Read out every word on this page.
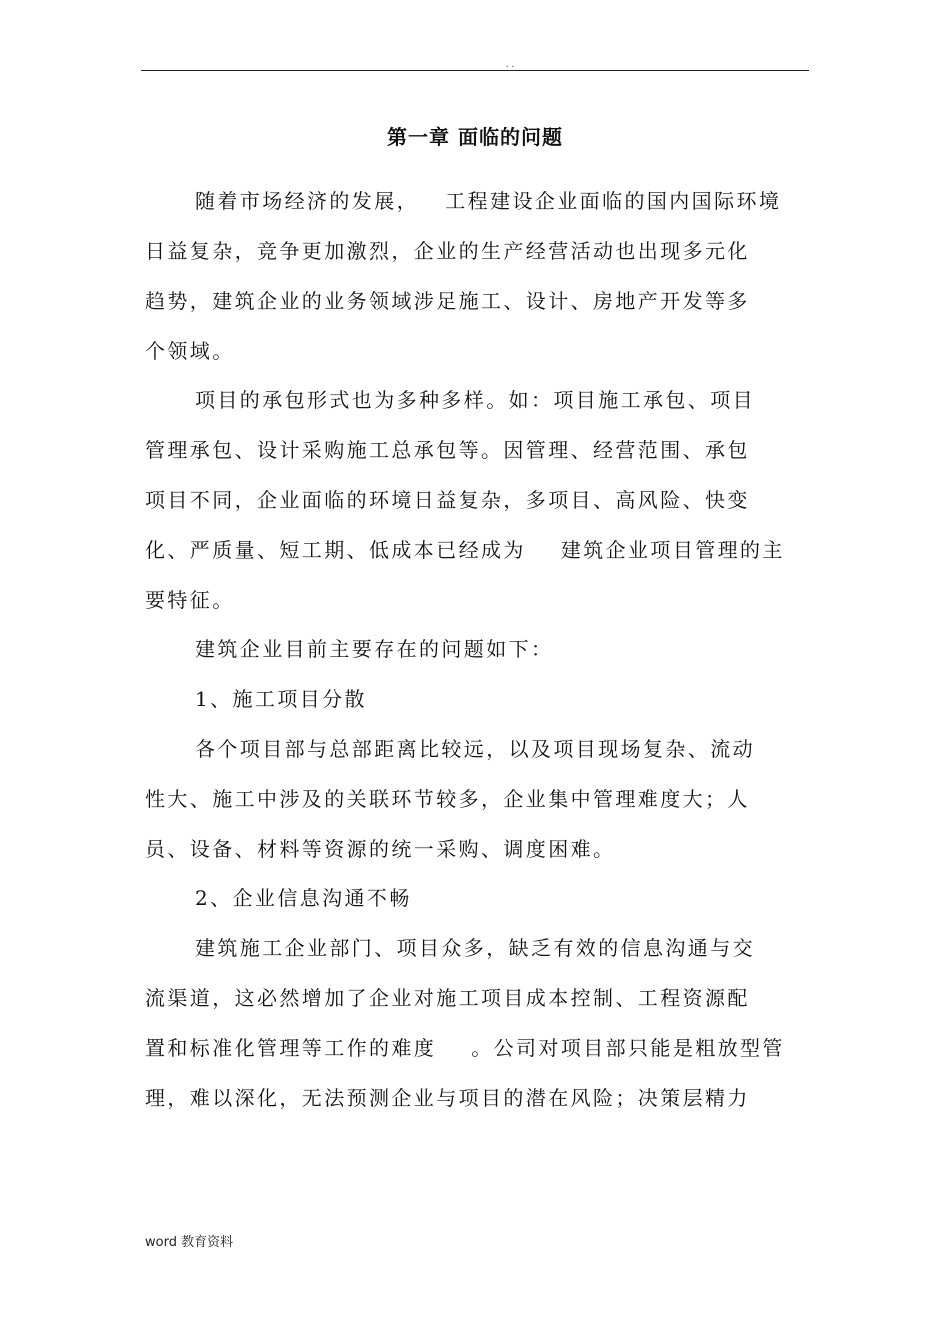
. .
第一章 面临的问题
随着市场经济的发展，   工程建设企业面临的国内国际环境
日益复杂，竞争更加激烈，企业的生产经营活动也出现多元化
趋势，建筑企业的业务领域涉足施工、设计、房地产开发等多
个领域。
项目的承包形式也为多种多样。如：项目施工承包、项目
管理承包、设计采购施工总承包等。因管理、经营范围、承包
项目不同，企业面临的环境日益复杂，多项目、高风险、快变
化、严质量、短工期、低成本已经成为    建筑企业项目管理的主
要特征。
建筑企业目前主要存在的问题如下：
1、施工项目分散
各个项目部与总部距离比较远，以及项目现场复杂、流动
性大、施工中涉及的关联环节较多，企业集中管理难度大；人
员、设备、材料等资源的统一采购、调度困难。
2、企业信息沟通不畅
建筑施工企业部门、项目众多，缺乏有效的信息沟通与交
流渠道，这必然增加了企业对施工项目成本控制、工程资源配
置和标准化管理等工作的难度    。公司对项目部只能是粗放型管
理，难以深化，无法预测企业与项目的潜在风险；决策层精力
word 教育资料
